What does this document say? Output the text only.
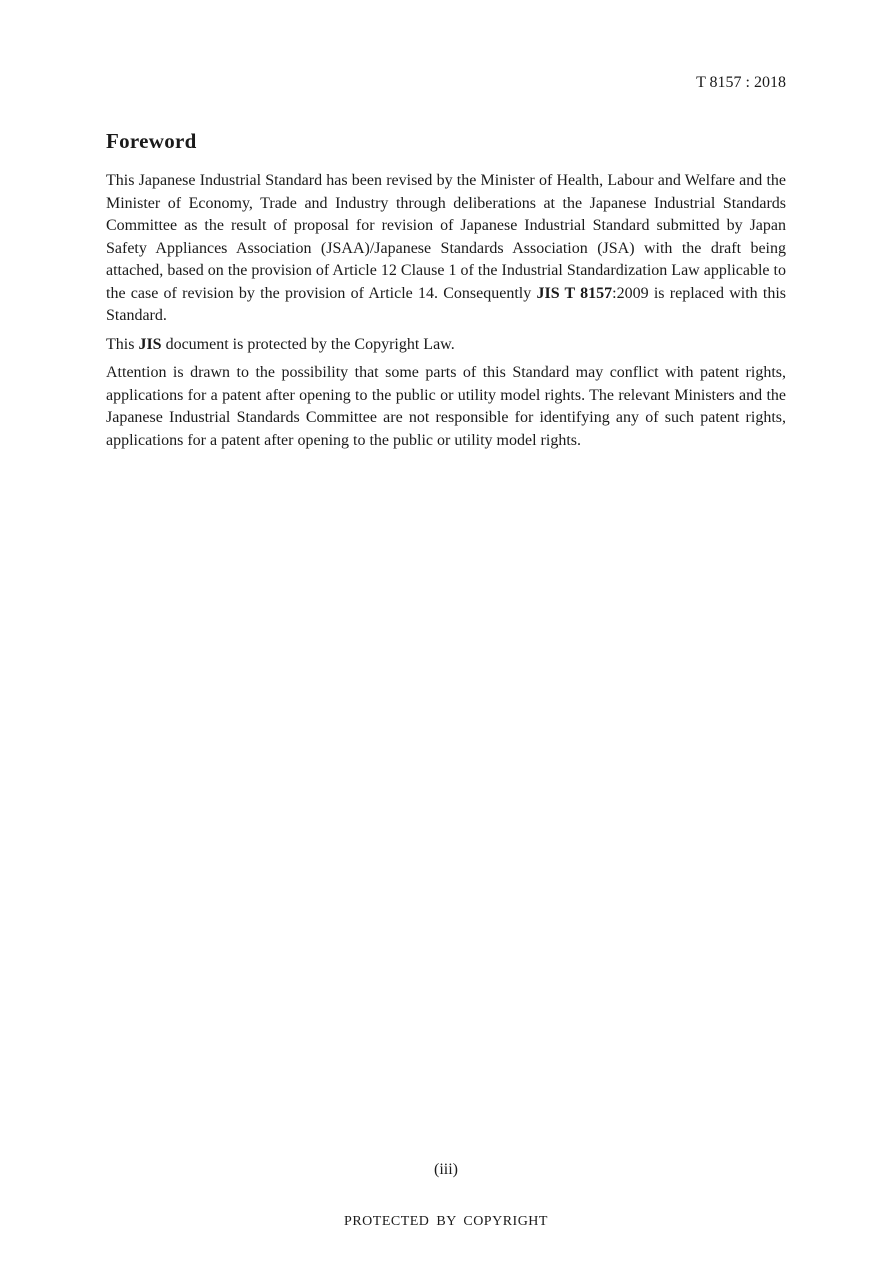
T 8157 : 2018
Foreword

This Japanese Industrial Standard has been revised by the Minister of Health, Labour and Welfare and the Minister of Economy, Trade and Industry through deliberations at the Japanese Industrial Standards Committee as the result of proposal for revision of Japanese Industrial Standard submitted by Japan Safety Appliances Association (JSAA)/Japanese Standards Association (JSA) with the draft being attached, based on the provision of Article 12 Clause 1 of the Industrial Standardization Law applicable to the case of revision by the provision of Article 14. Consequently JIS T 8157:2009 is replaced with this Standard.

This JIS document is protected by the Copyright Law.

Attention is drawn to the possibility that some parts of this Standard may conflict with patent rights, applications for a patent after opening to the public or utility model rights. The relevant Ministers and the Japanese Industrial Standards Committee are not responsible for identifying any of such patent rights, applications for a patent after opening to the public or utility model rights.

(iii)
PROTECTED BY COPYRIGHT
